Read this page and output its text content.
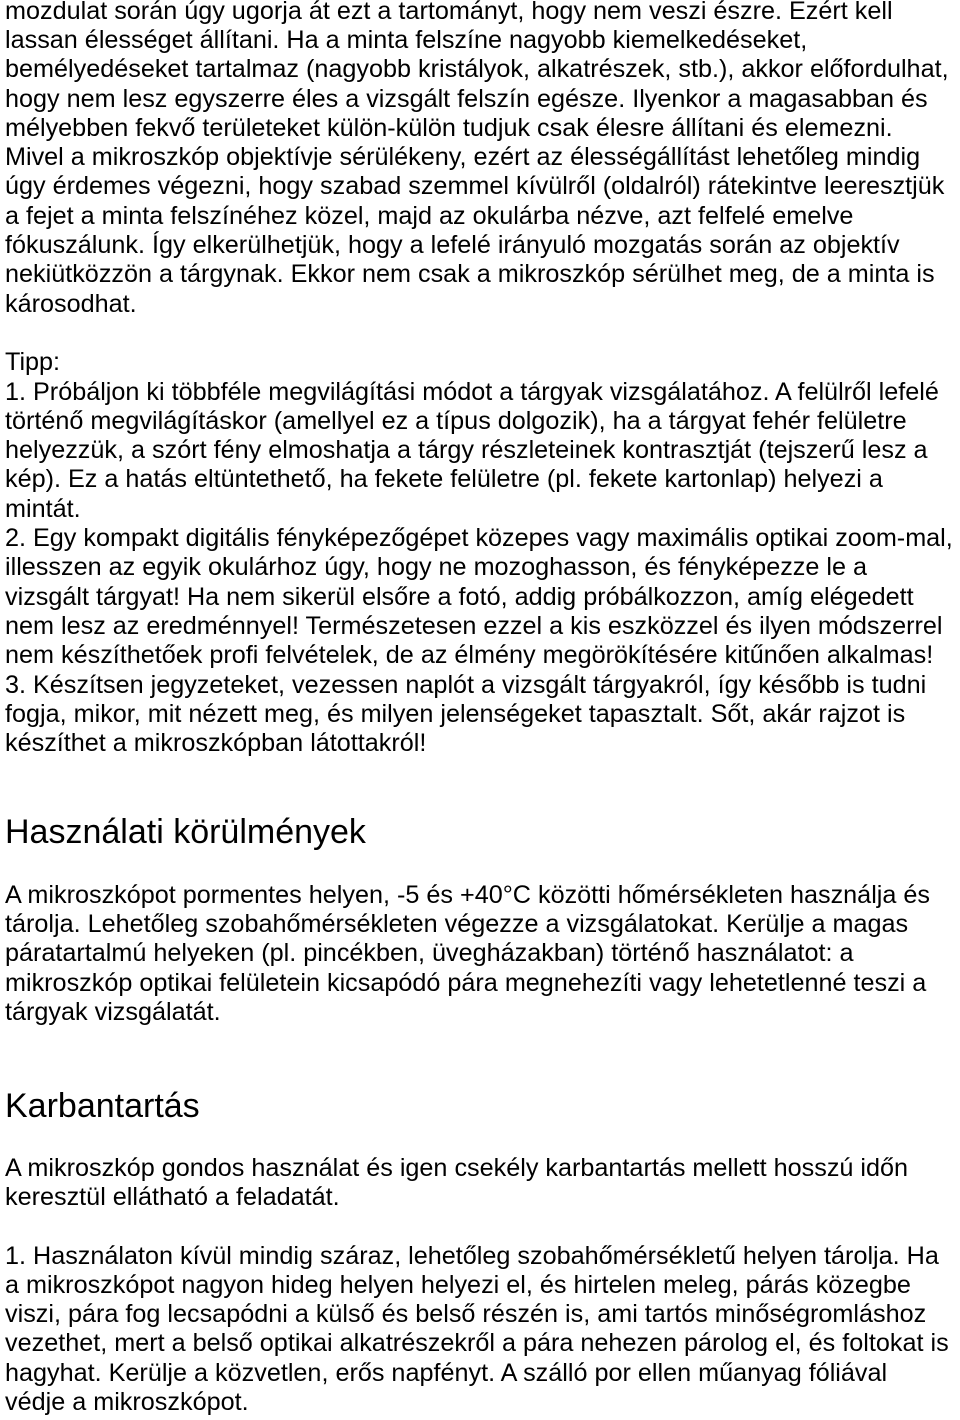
mozdulat során úgy ugorja át ezt a tartományt, hogy nem veszi észre. Ezért kell
lassan élességet állítani. Ha a minta felszíne nagyobb kiemelkedéseket,
bemélyedéseket tartalmaz (nagyobb kristályok, alkatrészek, stb.), akkor előfordulhat,
hogy nem lesz egyszerre éles a vizsgált felszín egésze. Ilyenkor a magasabban és
mélyebben fekvő területeket külön-külön tudjuk csak élesre állítani és elemezni.
Mivel a mikroszkóp objektívje sérülékeny, ezért az élességállítást lehetőleg mindig
úgy érdemes végezni, hogy szabad szemmel kívülről (oldalról) rátekintve leeresztjük
a fejet a minta felszínéhez közel, majd az okulárba nézve, azt felfelé emelve
fókuszálunk. Így elkerülhetjük, hogy a lefelé irányuló mozgatás során az objektív
nekiütközzön a tárgynak. Ekkor nem csak a mikroszkóp sérülhet meg, de a minta is
károsodhat.
Tipp:
1. Próbáljon ki többféle megvilágítási módot a tárgyak vizsgálatához. A felülről lefelé
történő megvilágításkor (amellyel ez a típus dolgozik), ha a tárgyat fehér felületre
helyezzük, a szórt fény elmoshatja a tárgy részleteinek kontrasztját (tejszerű lesz a
kép). Ez a hatás eltüntethető, ha fekete felületre (pl. fekete kartonlap) helyezi a
mintát.
2. Egy kompakt digitális fényképezőgépet közepes vagy maximális optikai zoom-mal,
illesszen az egyik okulárhoz úgy, hogy ne mozoghasson, és fényképezze le a
vizsgált tárgyat! Ha nem sikerül elsőre a fotó, addig próbálkozzon, amíg elégedett
nem lesz az eredménnyel! Természetesen ezzel a kis eszközzel és ilyen módszerrel
nem készíthetőek profi felvételek, de az élmény megörökítésére kitűnően alkalmas!
3. Készítsen jegyzeteket, vezessen naplót a vizsgált tárgyakról, így később is tudni
fogja, mikor, mit nézett meg, és milyen jelenségeket tapasztalt. Sőt, akár rajzot is
készíthet a mikroszkópban látottakról!
Használati körülmények
A mikroszkópot pormentes helyen, -5 és +40°C közötti hőmérsékleten használja és
tárolja. Lehetőleg szobahőmérsékleten végezze a vizsgálatokat. Kerülje a magas
páratartalmú helyeken (pl. pincékben, üvegházakban) történő használatot: a
mikroszkóp optikai felületein kicsapódó pára megnehezíti vagy lehetetlenné teszi a
tárgyak vizsgálatát.
Karbantartás
A mikroszkóp gondos használat és igen csekély karbantartás mellett hosszú időn
keresztül ellátható a feladatát.
1. Használaton kívül mindig száraz, lehetőleg szobahőmérsékletű helyen tárolja. Ha
a mikroszkópot nagyon hideg helyen helyezi el, és hirtelen meleg, párás közegbe
viszi, pára fog lecsapódni a külső és belső részén is, ami tartós minőségromláshoz
vezethet, mert a belső optikai alkatrészekről a pára nehezen párolog el, és foltokat is
hagyhat. Kerülje a közvetlen, erős napfényt. A szálló por ellen műanyag fóliával
védje a mikroszkópot.
